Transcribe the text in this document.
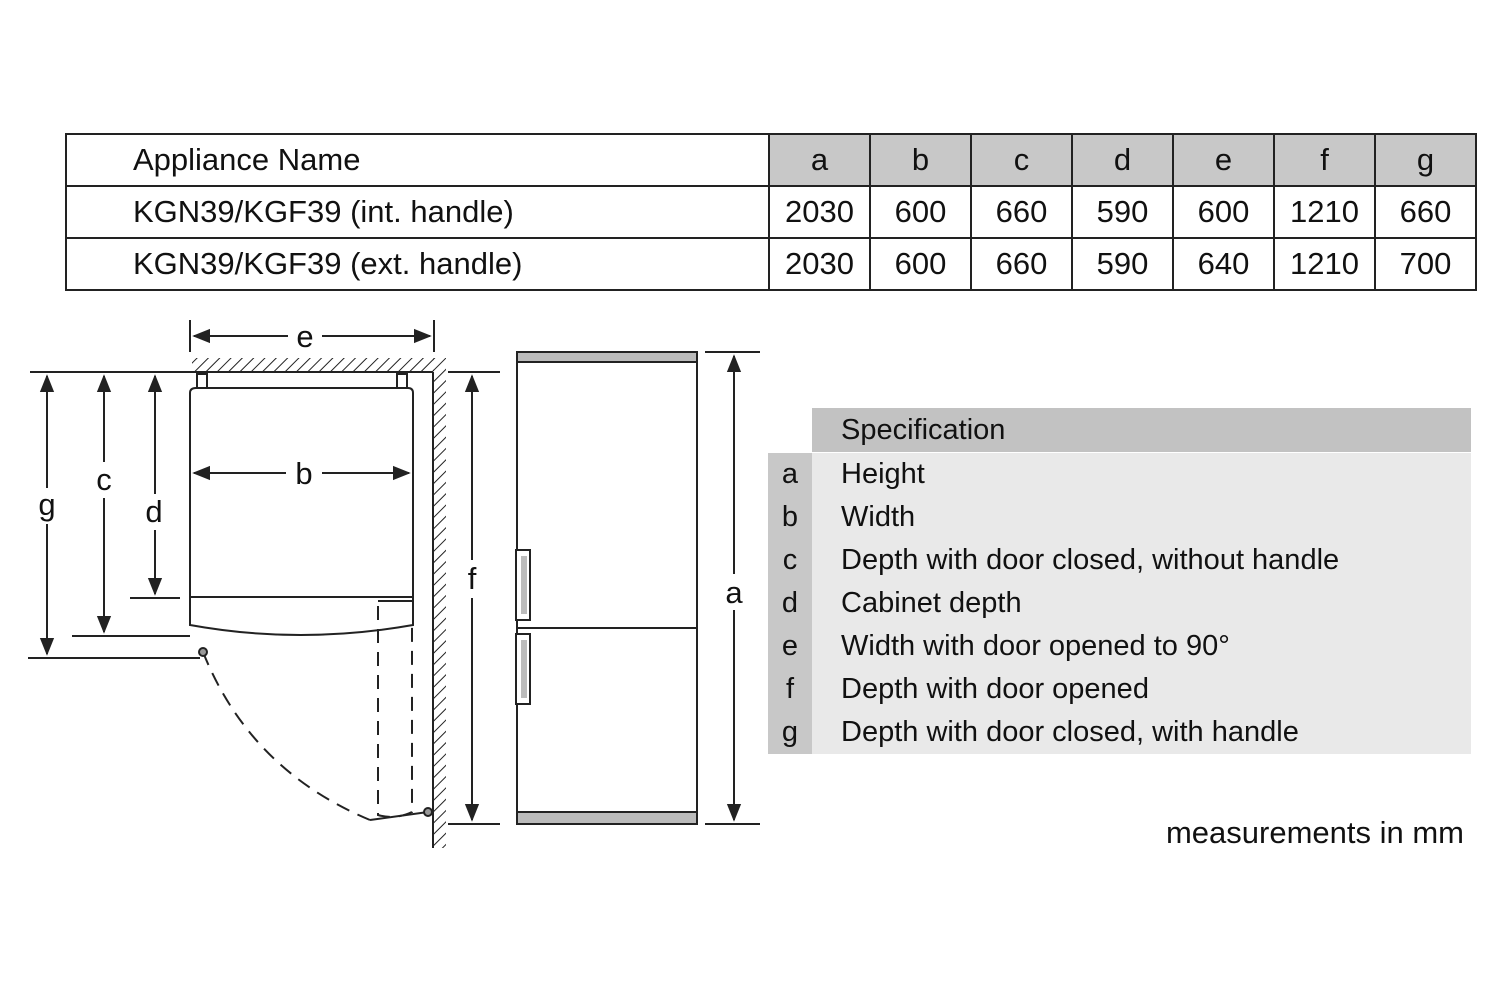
Appliance Name	a	b	c	d	e	f	g
KGN39/KGF39 (int. handle)	2030	600	660	590	600	1210	660
KGN39/KGF39 (ext. handle)	2030	600	660	590	640	1210	700
e
b
g
c
d
f	a
Specification
a	Height
b	Width
c	Depth with door closed, without handle
d	Cabinet depth
e	Width with door opened to 90°
f	Depth with door opened
g	Depth with door closed, with handle
measurements in mm
